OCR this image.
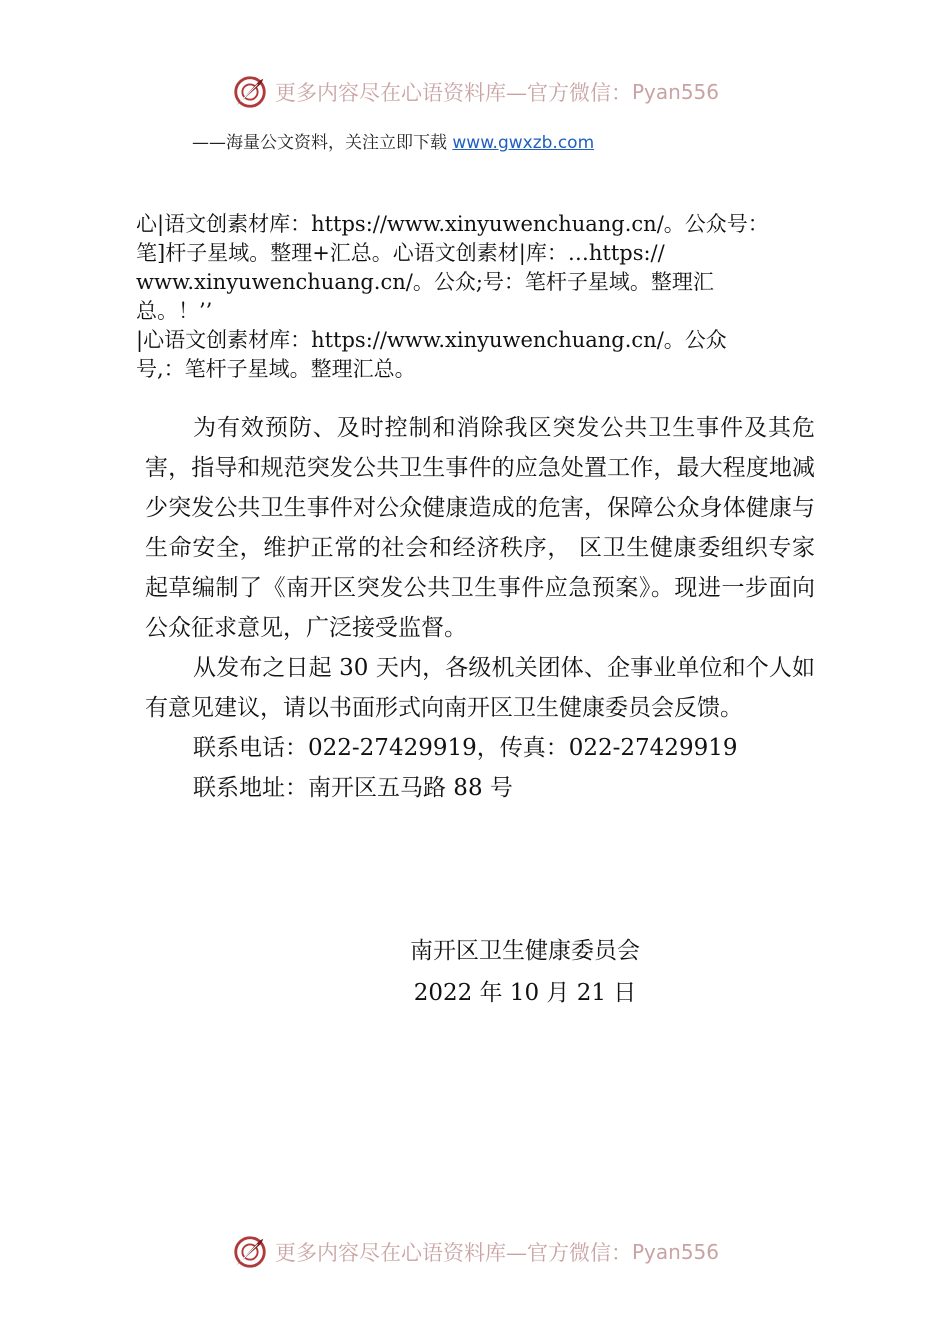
更多内容尽在心语资料库—官方微信： Pyan556
——海量公文资料，关注立即下载 www.gwxzb.com

心|语文创素材库：https://www.xinyuwenchuang.cn/。公众号：

笔]杆子星域。整理+汇总。心语文创素材|库：…https://

www.xinyuwenchuang.cn/。公众;号：笔杆子星域。整理汇

总。！’’

|心语文创素材库：https://www.xinyuwenchuang.cn/。公众

号,：笔杆子星域。整理汇总。

为有效预防、及时控制和消除我区突发公共卫生事件及其危害，指导和规范突发公共卫生事件的应急处置工作，最大程度地减少突发公共卫生事件对公众健康造成的危害，保障公众身体健康与生命安全，维护正常的社会和经济秩序， 区卫生健康委组织专家起草编制了《南开区突发公共卫生事件应急预案》。现进一步面向公众征求意见，广泛接受监督。

从发布之日起 30 天内，各级机关团体、企事业单位和个人如有意见建议，请以书面形式向南开区卫生健康委员会反馈。

联系电话：022-27429919，传真：022-27429919

联系地址：南开区五马路 88 号

南开区卫生健康委员会
2022 年 10 月 21 日
更多内容尽在心语资料库—官方微信： Pyan556
